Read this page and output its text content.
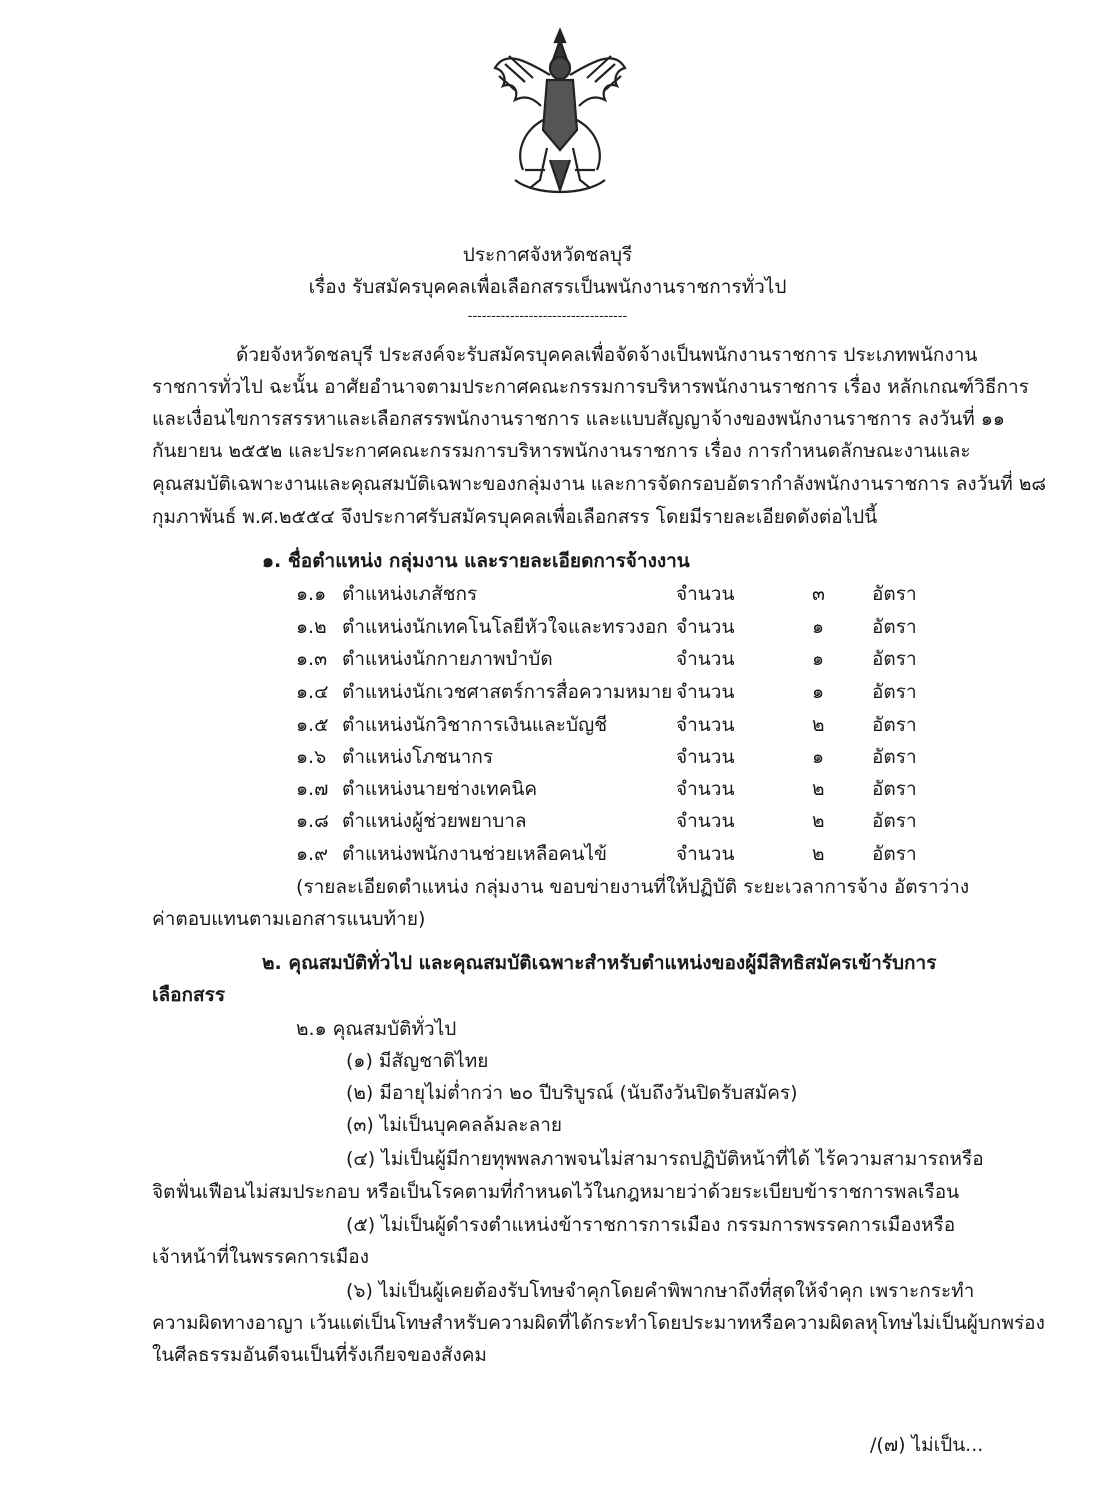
ประกาศจังหวัดชลบุรี
เรื่อง รับสมัครบุคคลเพื่อเลือกสรรเป็นพนักงานราชการทั่วไป
----------------------------------
ด้วยจังหวัดชลบุรี ประสงค์จะรับสมัครบุคคลเพื่อจัดจ้างเป็นพนักงานราชการ ประเภทพนักงาน
ราชการทั่วไป ฉะนั้น อาศัยอำนาจตามประกาศคณะกรรมการบริหารพนักงานราชการ เรื่อง หลักเกณฑ์วิธีการ
และเงื่อนไขการสรรหาและเลือกสรรพนักงานราชการ และแบบสัญญาจ้างของพนักงานราชการ ลงวันที่ ๑๑
กันยายน ๒๕๕๒ และประกาศคณะกรรมการบริหารพนักงานราชการ เรื่อง การกำหนดลักษณะงานและ
คุณสมบัติเฉพาะงานและคุณสมบัติเฉพาะของกลุ่มงาน และการจัดกรอบอัตรากำลังพนักงานราชการ ลงวันที่ ๒๘
กุมภาพันธ์ พ.ศ.๒๕๕๔ จึงประกาศรับสมัครบุคคลเพื่อเลือกสรร โดยมีรายละเอียดดังต่อไปนี้
๑. ชื่อตำแหน่ง กลุ่มงาน และรายละเอียดการจ้างงาน
๑.๑ ตำแหน่งเภสัชกร	จำนวน	๓ อัตรา
๑.๒ ตำแหน่งนักเทคโนโลยีหัวใจและทรวงอก จำนวน	๑	อัตรา
๑.๓ ตำแหน่งนักกายภาพบำบัด	จำนวน	๑	อัตรา
๑.๔ ตำแหน่งนักเวชศาสตร์การสื่อความหมาย จำนวน	๑	อัตรา
๑.๕ ตำแหน่งนักวิชาการเงินและบัญชี	จำนวน	๒ อัตรา
๑.๖ ตำแหน่งโภชนากร	จำนวน	๑	อัตรา
๑.๗ ตำแหน่งนายช่างเทคนิค	จำนวน	๒ อัตรา
๑.๘ ตำแหน่งผู้ช่วยพยาบาล	จำนวน	๒ อัตรา
๑.๙ ตำแหน่งพนักงานช่วยเหลือคนไข้	จำนวน	๒ อัตรา
(รายละเอียดตำแหน่ง กลุ่มงาน ขอบข่ายงานที่ให้ปฏิบัติ ระยะเวลาการจ้าง อัตราว่าง
ค่าตอบแทนตามเอกสารแนบท้าย)
๒. คุณสมบัติทั่วไป และคุณสมบัติเฉพาะสำหรับตำแหน่งของผู้มีสิทธิสมัครเข้ารับการ
เลือกสรร
๒.๑ คุณสมบัติทั่วไป
(๑) มีสัญชาติไทย
(๒) มีอายุไม่ต่ำกว่า ๒๐ ปีบริบูรณ์ (นับถึงวันปิดรับสมัคร)
(๓) ไม่เป็นบุคคลล้มละลาย
(๔) ไม่เป็นผู้มีกายทุพพลภาพจนไม่สามารถปฏิบัติหน้าที่ได้ ไร้ความสามารถหรือ
จิตฟั่นเฟือนไม่สมประกอบ หรือเป็นโรคตามที่กำหนดไว้ในกฎหมายว่าด้วยระเบียบข้าราชการพลเรือน
(๕) ไม่เป็นผู้ดำรงตำแหน่งข้าราชการการเมือง กรรมการพรรคการเมืองหรือ
เจ้าหน้าที่ในพรรคการเมือง
(๖) ไม่เป็นผู้เคยต้องรับโทษจำคุกโดยคำพิพากษาถึงที่สุดให้จำคุก เพราะกระทำ
ความผิดทางอาญา เว้นแต่เป็นโทษสำหรับความผิดที่ได้กระทำโดยประมาทหรือความผิดลหุโทษไม่เป็นผู้บกพร่อง
ในศีลธรรมอันดีจนเป็นที่รังเกียจของสังคม
/(๗) ไม่เป็น...
